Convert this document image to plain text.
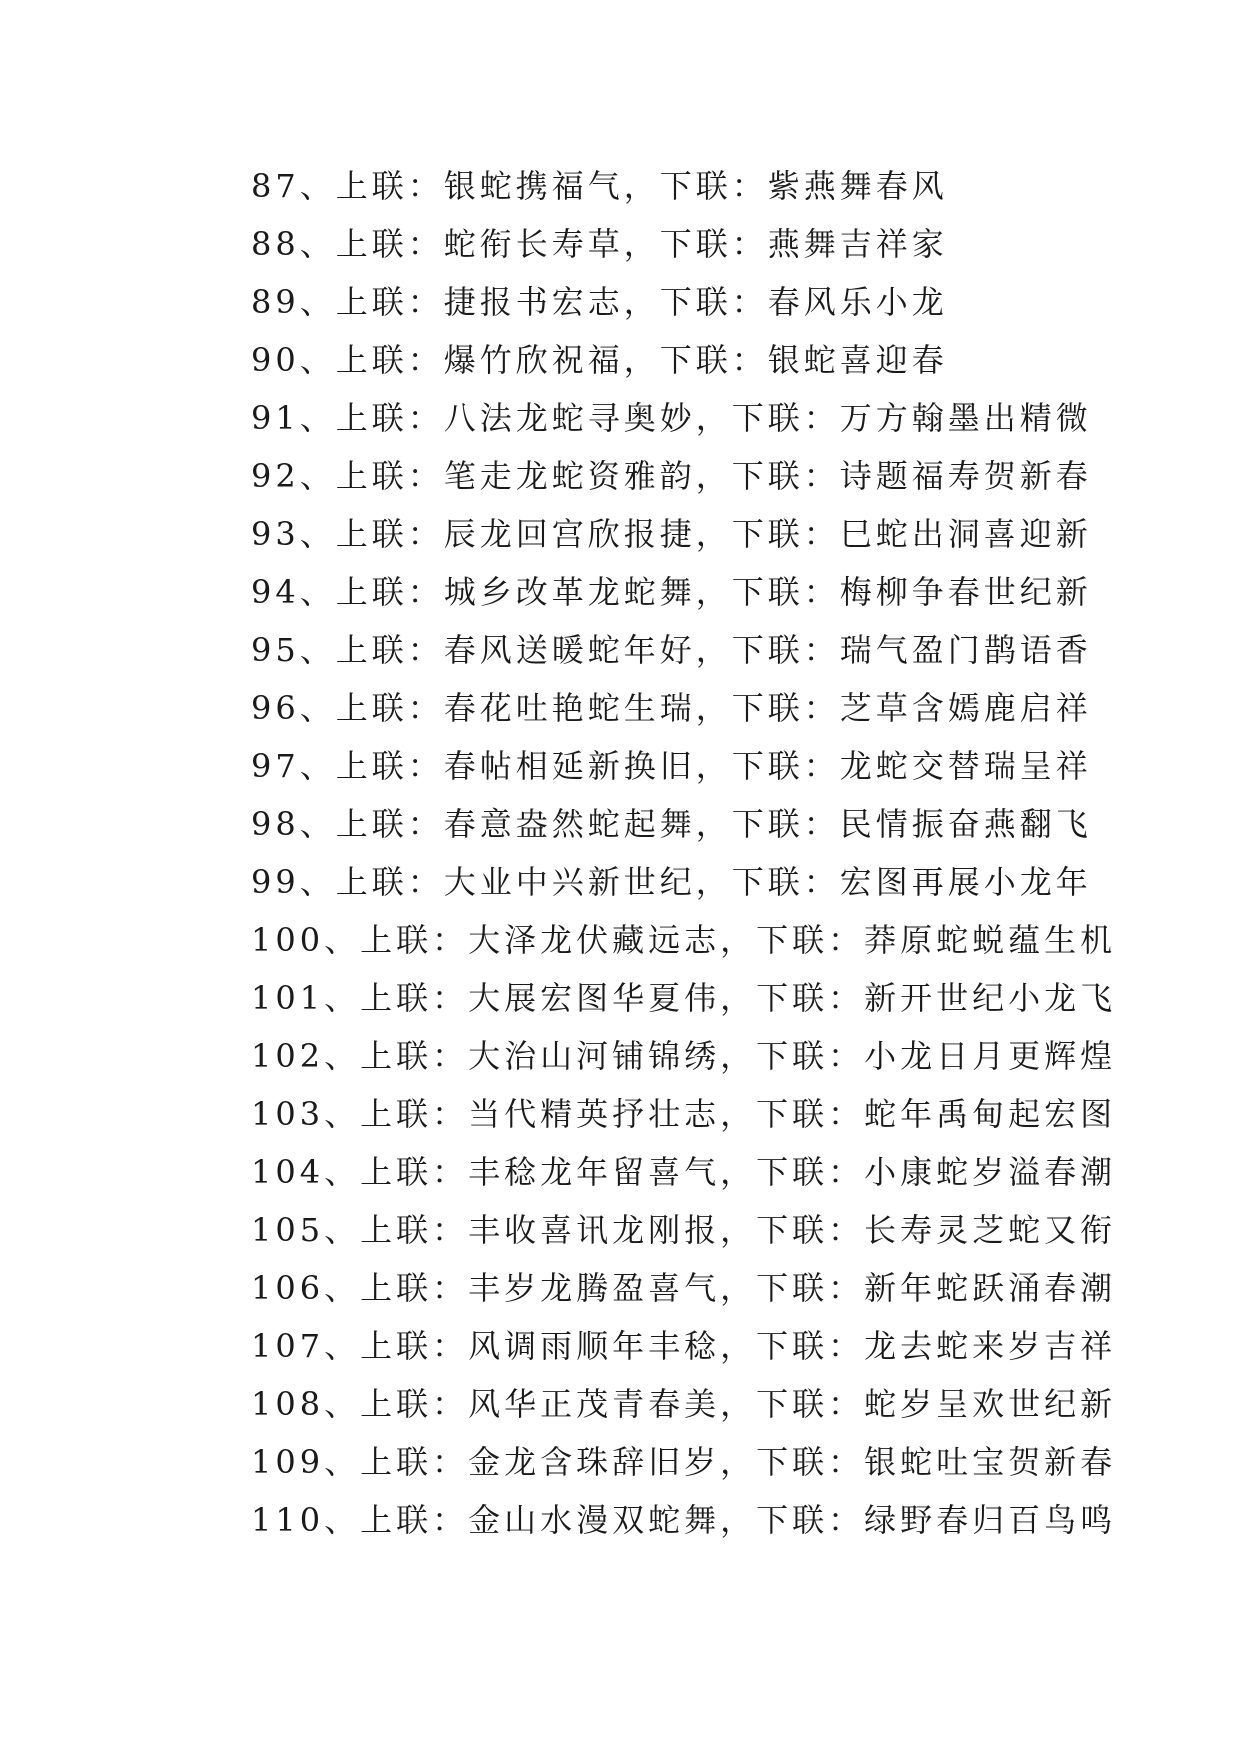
87、上联：银蛇携福气，下联：紫燕舞春风
88、上联：蛇衔长寿草，下联：燕舞吉祥家
89、上联：捷报书宏志，下联：春风乐小龙
90、上联：爆竹欣祝福，下联：银蛇喜迎春
91、上联：八法龙蛇寻奥妙，下联：万方翰墨出精微
92、上联：笔走龙蛇资雅韵，下联：诗题福寿贺新春
93、上联：辰龙回宫欣报捷，下联：巳蛇出洞喜迎新
94、上联：城乡改革龙蛇舞，下联：梅柳争春世纪新
95、上联：春风送暖蛇年好，下联：瑞气盈门鹊语香
96、上联：春花吐艳蛇生瑞，下联：芝草含嫣鹿启祥
97、上联：春帖相延新换旧，下联：龙蛇交替瑞呈祥
98、上联：春意盎然蛇起舞，下联：民情振奋燕翻飞
99、上联：大业中兴新世纪，下联：宏图再展小龙年
100、上联：大泽龙伏藏远志，下联：莽原蛇蜕蕴生机
101、上联：大展宏图华夏伟，下联：新开世纪小龙飞
102、上联：大治山河铺锦绣，下联：小龙日月更辉煌
103、上联：当代精英抒壮志，下联：蛇年禹甸起宏图
104、上联：丰稔龙年留喜气，下联：小康蛇岁溢春潮
105、上联：丰收喜讯龙刚报，下联：长寿灵芝蛇又衔
106、上联：丰岁龙腾盈喜气，下联：新年蛇跃涌春潮
107、上联：风调雨顺年丰稔，下联：龙去蛇来岁吉祥
108、上联：风华正茂青春美，下联：蛇岁呈欢世纪新
109、上联：金龙含珠辞旧岁，下联：银蛇吐宝贺新春
110、上联：金山水漫双蛇舞，下联：绿野春归百鸟鸣
